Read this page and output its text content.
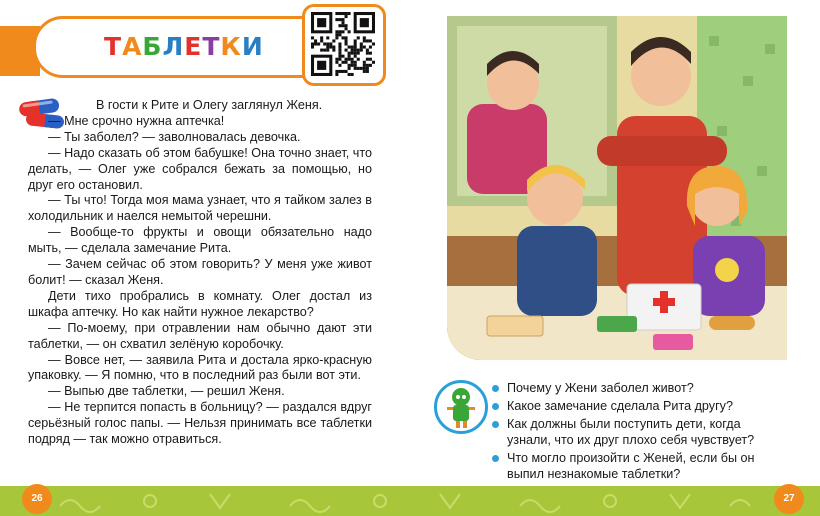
ТАБЛЕТКИ

В гости к Рите и Олегу заглянул Женя.

— Мне срочно нужна аптечка!

— Ты заболел? — заволновалась девочка.

— Надо сказать об этом бабушке! Она точно знает, что делать, — Олег уже собрался бежать за помощью, но друг его остановил.

— Ты что! Тогда моя мама узнает, что я тайком залез в холодильник и наелся немытой черешни.

— Вообще-то фрукты и овощи обязательно надо мыть, — сделала замечание Рита.

— Зачем сейчас об этом говорить? У меня уже живот болит! — сказал Женя.

Дети тихо пробрались в комнату. Олег достал из шкафа аптечку. Но как найти нужное лекарство?

— По-моему, при отравлении нам обычно дают эти таблетки, — он схватил зелёную коробочку.

— Вовсе нет, — заявила Рита и достала ярко-красную упаковку. — Я помню, что в последний раз были вот эти.

— Выпью две таблетки, — решил Женя.

— Не терпится попасть в больницу? — раздался вдруг серьёзный голос папы. — Нельзя принимать все таблетки подряд — так можно отравиться.

Почему у Жени заболел живот?
Какое замечание сделала Рита другу?
Как должны были поступить дети, когда узнали, что их друг плохо себя чувствует?
Что могло произойти с Женей, если бы он выпил незнакомые таблетки?
26	27
